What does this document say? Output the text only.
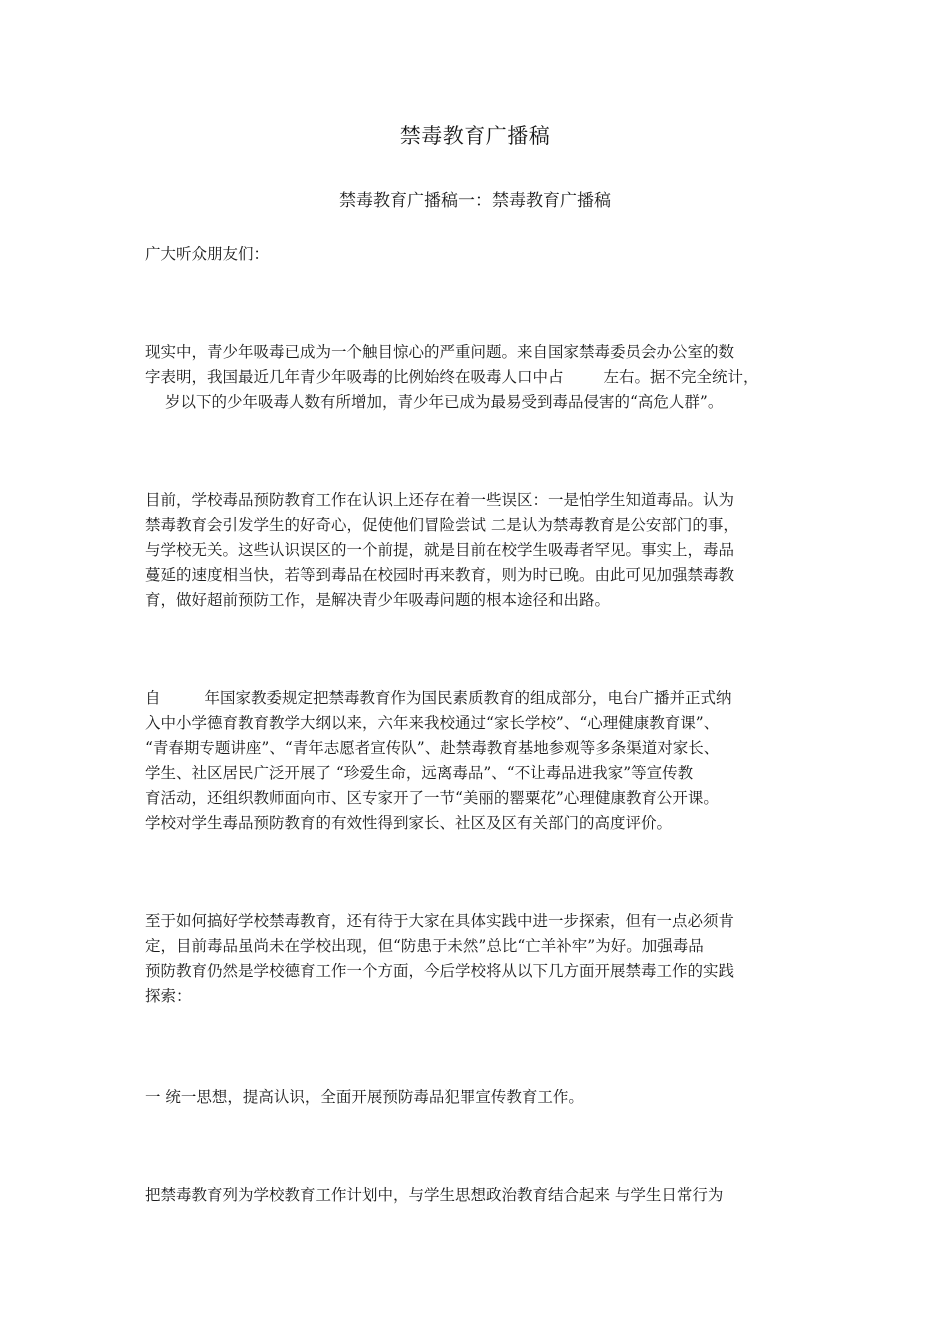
禁毒教育广播稿
禁毒教育广播稿一：禁毒教育广播稿
广大听众朋友们：
现实中，青少年吸毒已成为一个触目惊心的严重问题。来自国家禁毒委员会办公室的数
字表明，我国最近几年青少年吸毒的比例始终在吸毒人口中占	左右。据不完全统计，
岁以下的少年吸毒人数有所增加，青少年已成为最易受到毒品侵害的“高危人群”。
目前，学校毒品预防教育工作在认识上还存在着一些误区：一是怕学生知道毒品。认为
禁毒教育会引发学生的好奇心，促使他们冒险尝试 二是认为禁毒教育是公安部门的事，
与学校无关。这些认识误区的一个前提，就是目前在校学生吸毒者罕见。事实上，毒品
蔓延的速度相当快，若等到毒品在校园时再来教育，则为时已晚。由此可见加强禁毒教
育，做好超前预防工作，是解决青少年吸毒问题的根本途径和出路。
自	年国家教委规定把禁毒教育作为国民素质教育的组成部分，电台广播并正式纳
入中小学德育教育教学大纲以来，六年来我校通过“家长学校”、“心理健康教育课”、
“青春期专题讲座”、“青年志愿者宣传队”、赴禁毒教育基地参观等多条渠道对家长、
学生、社区居民广泛开展了 “珍爱生命，远离毒品”、“不让毒品进我家”等宣传教
育活动，还组织教师面向市、区专家开了一节“美丽的罂粟花”心理健康教育公开课。
学校对学生毒品预防教育的有效性得到家长、社区及区有关部门的高度评价。
至于如何搞好学校禁毒教育，还有待于大家在具体实践中进一步探索，但有一点必须肯
定，目前毒品虽尚未在学校出现，但“防患于未然”总比“亡羊补牢”为好。加强毒品
预防教育仍然是学校德育工作一个方面，今后学校将从以下几方面开展禁毒工作的实践
探索：
一 统一思想，提高认识，全面开展预防毒品犯罪宣传教育工作。
把禁毒教育列为学校教育工作计划中，与学生思想政治教育结合起来 与学生日常行为
